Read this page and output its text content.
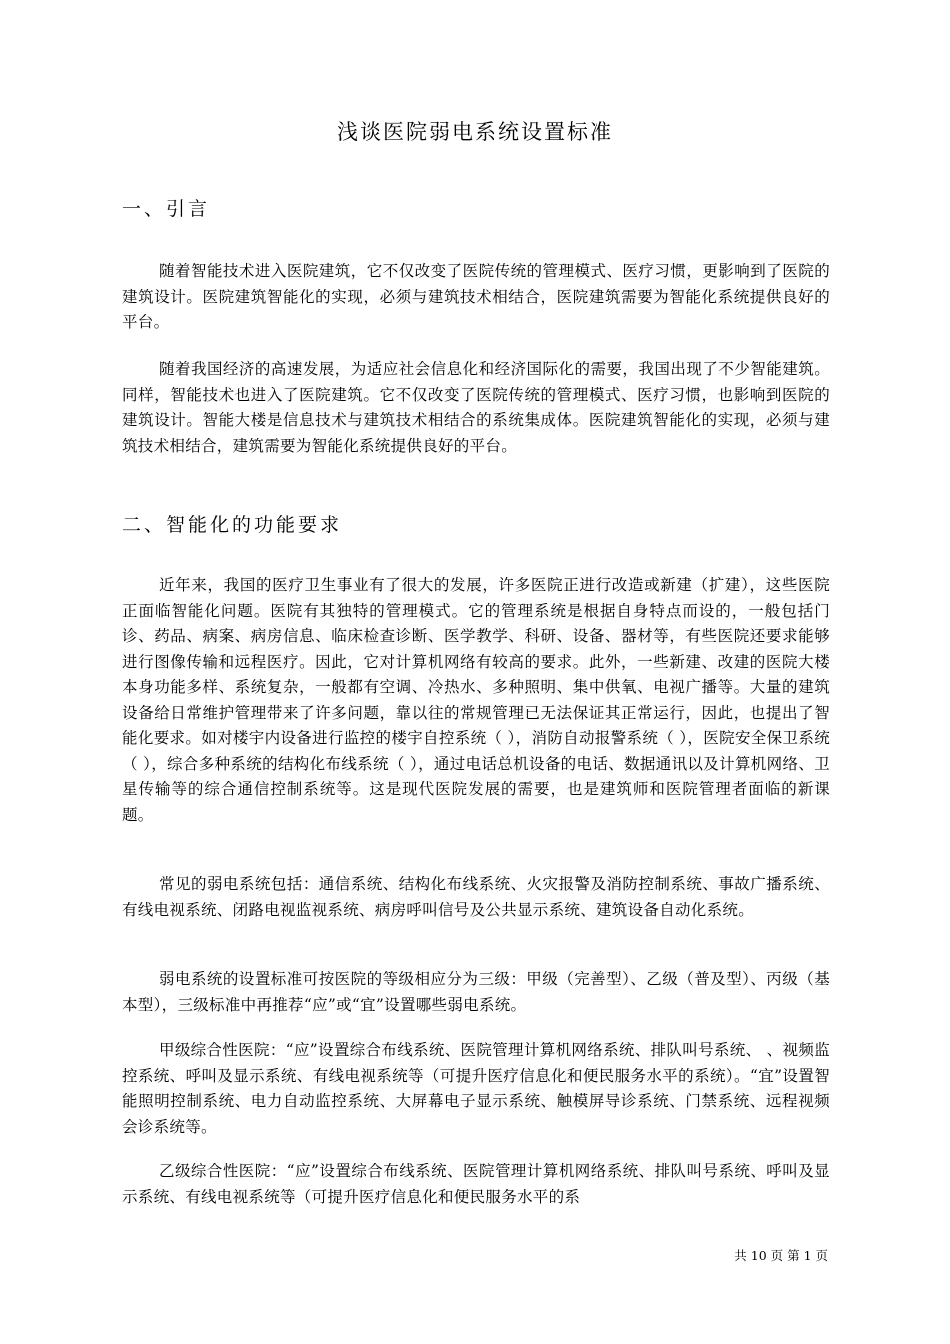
浅谈医院弱电系统设置标准
一、引言
随着智能技术进入医院建筑，它不仅改变了医院传统的管理模式、医疗习惯，更影响到了医院的建筑设计。医院建筑智能化的实现，必须与建筑技术相结合，医院建筑需要为智能化系统提供良好的平台。
随着我国经济的高速发展，为适应社会信息化和经济国际化的需要，我国出现了不少智能建筑。同样，智能技术也进入了医院建筑。它不仅改变了医院传统的管理模式、医疗习惯，也影响到医院的建筑设计。智能大楼是信息技术与建筑技术相结合的系统集成体。医院建筑智能化的实现，必须与建筑技术相结合，建筑需要为智能化系统提供良好的平台。
二、智能化的功能要求
近年来，我国的医疗卫生事业有了很大的发展，许多医院正进行改造或新建（扩建），这些医院正面临智能化问题。医院有其独特的管理模式。它的管理系统是根据自身特点而设的，一般包括门诊、药品、病案、病房信息、临床检查诊断、医学教学、科研、设备、器材等，有些医院还要求能够进行图像传输和远程医疗。因此，它对计算机网络有较高的要求。此外，一些新建、改建的医院大楼本身功能多样、系统复杂，一般都有空调、冷热水、多种照明、集中供氧、电视广播等。大量的建筑设备给日常维护管理带来了许多问题，靠以往的常规管理已无法保证其正常运行，因此，也提出了智能化要求。如对楼宇内设备进行监控的楼宇自控系统（ ），消防自动报警系统（ ），医院安全保卫系统（ ），综合多种系统的结构化布线系统（ ），通过电话总机设备的电话、数据通讯以及计算机网络、卫星传输等的综合通信控制系统等。这是现代医院发展的需要，也是建筑师和医院管理者面临的新课题。
常见的弱电系统包括：通信系统、结构化布线系统、火灾报警及消防控制系统、事故广播系统、有线电视系统、闭路电视监视系统、病房呼叫信号及公共显示系统、建筑设备自动化系统。
弱电系统的设置标准可按医院的等级相应分为三级：甲级（完善型）、乙级（普及型）、丙级（基本型），三级标准中再推荐“应”或“宜”设置哪些弱电系统。
甲级综合性医院：“应”设置综合布线系统、医院管理计算机网络系统、排队叫号系统、 、视频监控系统、呼叫及显示系统、有线电视系统等（可提升医疗信息化和便民服务水平的系统）。“宜”设置智能照明控制系统、电力自动监控系统、大屏幕电子显示系统、触模屏导诊系统、门禁系统、远程视频会诊系统等。
乙级综合性医院：“应”设置综合布线系统、医院管理计算机网络系统、排队叫号系统、呼叫及显示系统、有线电视系统等（可提升医疗信息化和便民服务水平的系
共 10 页 第 1 页
